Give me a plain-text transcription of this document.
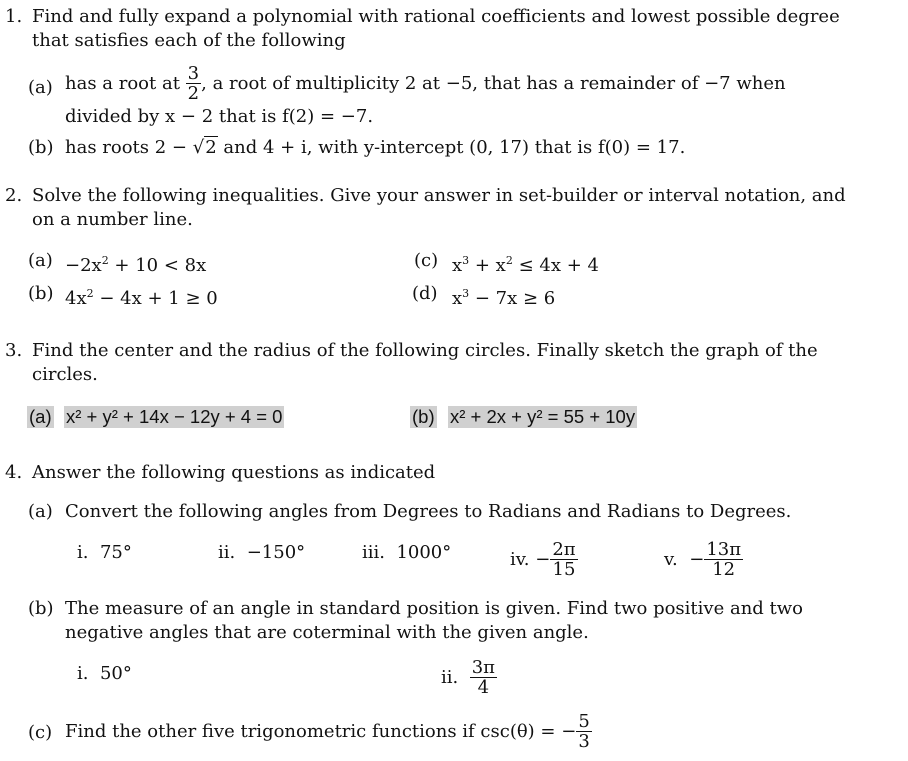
1. Find and fully expand a polynomial with rational coefficients and lowest possible degree
that satisfies each of the following
(a) has a root at $\frac{3}{2}$ , a root of multiplicity 2 at −5, that has a remainder of −7 when
divided by x − 2 that is f(2) = −7.
(b) has roots 2 − √2 and 4 + i, with y-intercept (0, 17) that is f(0) = 17.
2. Solve the following inequalities. Give your answer in set-builder or interval notation, and
on a number line.
$(a) -2x^2 + 10 < 8x$
(b) $4x^2 - 4x + 1 \ge 0$
(c) $x^3 + x^2 \le 4x + 4$
(d) $x^3 - 7x \ge 6$
3. Find the center and the radius of the following circles. Finally sketch the graph of the
circles.
(a) x² + y² + 14x − 12y + 4 = 0	(b) x² + 2x + y² = 55 + 10y
4. Answer the following questions as indicated
(a) Convert the following angles from Degrees to Radians and Radians to Degrees.
i. 75°	ii. −150°	iii. 1000°	iv. − $\frac{2\pi}{15}$	v. − $\frac{13\pi}{12}$
(b) The measure of an angle in standard position is given. Find two positive and two
negative angles that are coterminal with the given angle.
i. 50°	ii. $\frac{3\pi}{4}$
(c) Find the other five trigonometric functions if csc(θ) = − $\frac{5}{3}$
